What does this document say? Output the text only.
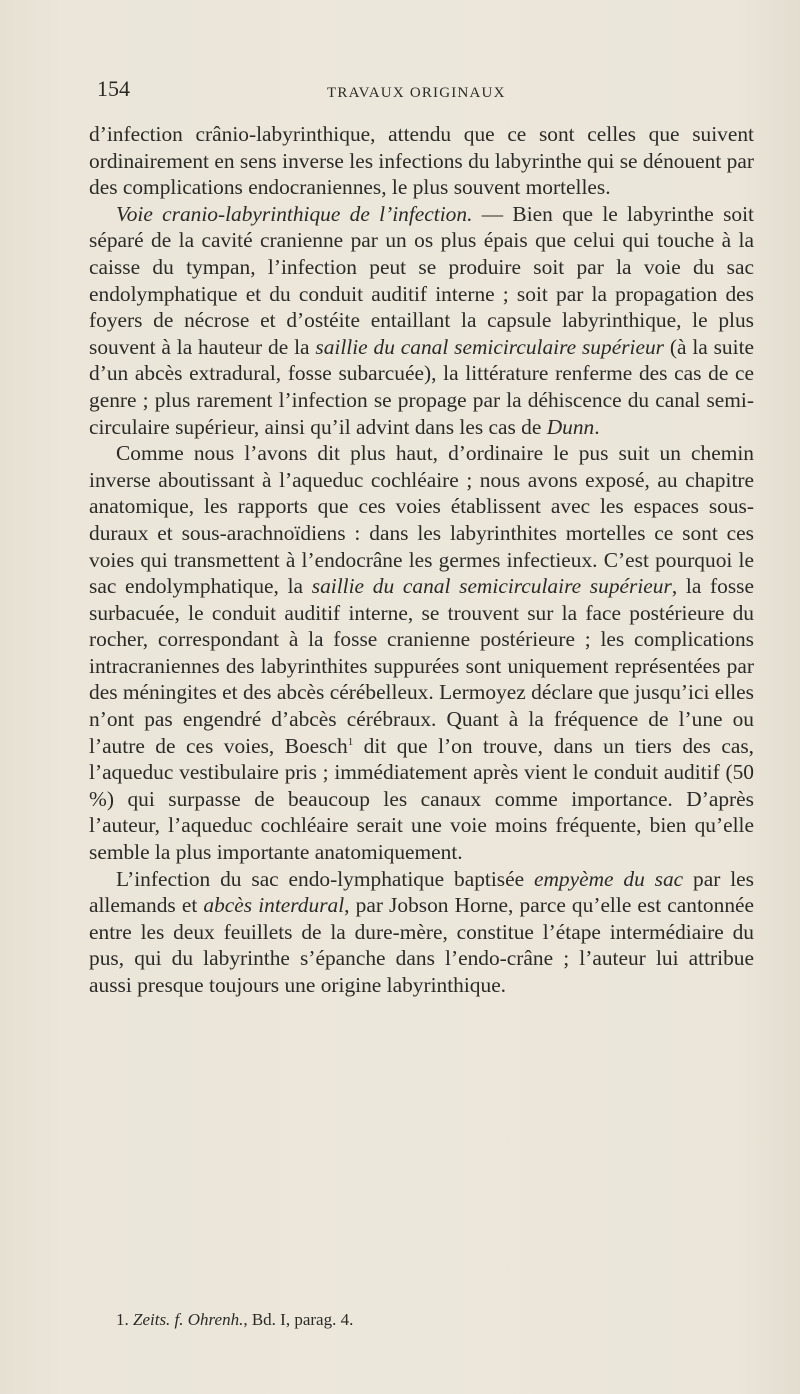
154	TRAVAUX ORIGINAUX

d’infection crânio-labyrinthique, attendu que ce sont celles que suivent ordinairement en sens inverse les infections du labyrinthe qui se dénouent par des complications endocraniennes, le plus souvent mortelles.

Voie cranio-labyrinthique de l’infection. — Bien que le labyrinthe soit séparé de la cavité cranienne par un os plus épais que celui qui touche à la caisse du tympan, l’infection peut se produire soit par la voie du sac endolymphatique et du conduit auditif interne ; soit par la propagation des foyers de nécrose et d’ostéite entaillant la capsule labyrinthique, le plus souvent à la hauteur de la saillie du canal semicirculaire supérieur (à la suite d’un abcès extradural, fosse subarcuée), la littérature renferme des cas de ce genre ; plus rarement l’infection se propage par la déhiscence du canal semi-circulaire supérieur, ainsi qu’il advint dans les cas de Dunn.

Comme nous l’avons dit plus haut, d’ordinaire le pus suit un chemin inverse aboutissant à l’aqueduc cochléaire ; nous avons exposé, au chapitre anatomique, les rapports que ces voies établissent avec les espaces sous-duraux et sous-arachnoïdiens : dans les labyrinthites mortelles ce sont ces voies qui transmettent à l’endocrâne les germes infectieux. C’est pourquoi le sac endolymphatique, la saillie du canal semicirculaire supérieur, la fosse surbacuée, le conduit auditif interne, se trouvent sur la face postérieure du rocher, correspondant à la fosse cranienne postérieure ; les complications intracraniennes des labyrinthites suppurées sont uniquement représentées par des méningites et des abcès cérébelleux. Lermoyez déclare que jusqu’ici elles n’ont pas engendré d’abcès cérébraux. Quant à la fréquence de l’une ou l’autre de ces voies, Boesch$^1$ dit que l’on trouve, dans un tiers des cas, l’aqueduc vestibulaire pris ; immédiatement après vient le conduit auditif (50 %) qui surpasse de beaucoup les canaux comme importance. D’après l’auteur, l’aqueduc cochléaire serait une voie moins fréquente, bien qu’elle semble la plus importante anatomiquement.

L’infection du sac endo-lymphatique baptisée empyème du sac par les allemands et abcès interdural, par Jobson Horne, parce qu’elle est cantonnée entre les deux feuillets de la dure-mère, constitue l’étape intermédiaire du pus, qui du labyrinthe s’épanche dans l’endo-crâne ; l’auteur lui attribue aussi presque toujours une origine labyrinthique.

1. Zeits. f. Ohrenh., Bd. I, parag. 4.
